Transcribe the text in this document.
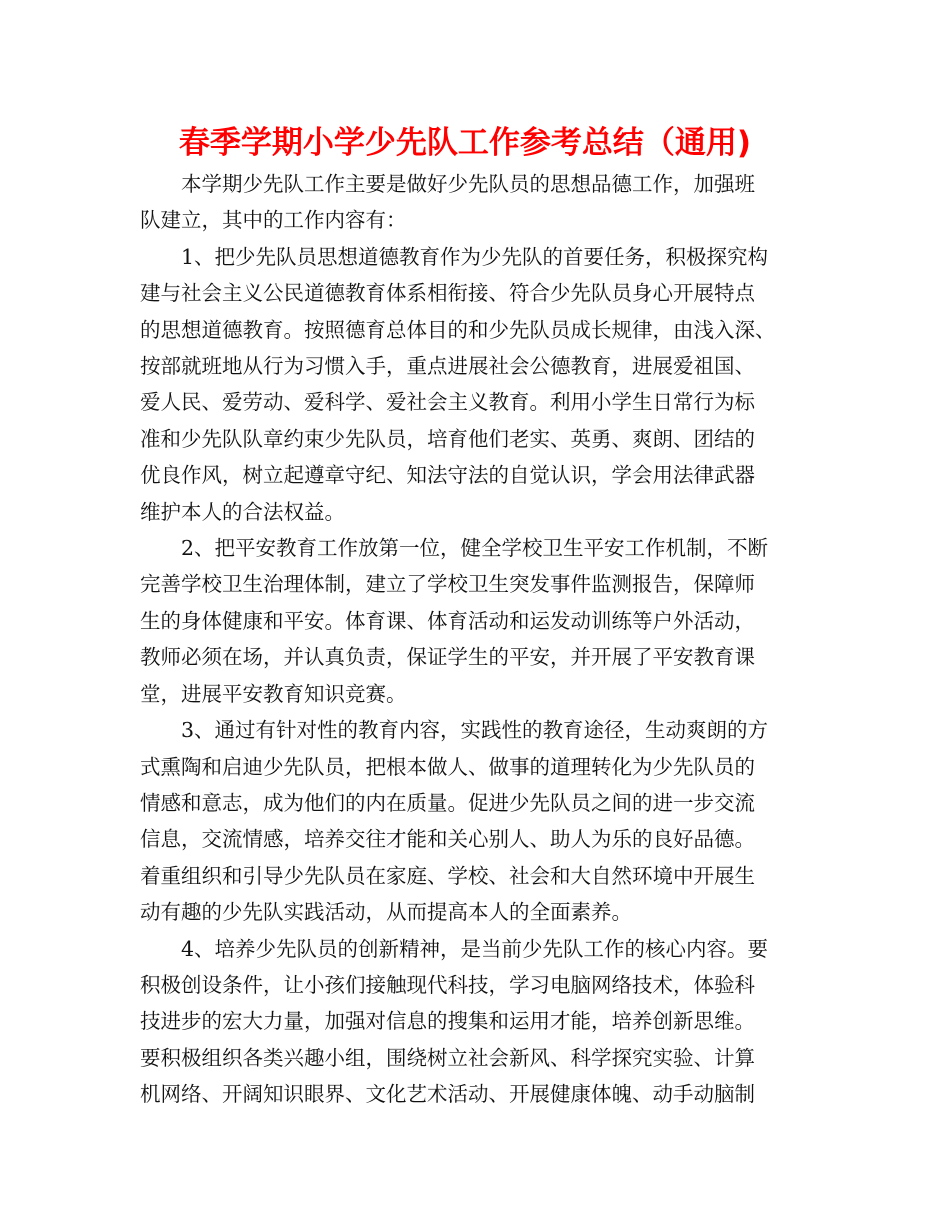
春季学期小学少先队工作参考总结（通用)

本学期少先队工作主要是做好少先队员的思想品德工作，加强班
队建立，其中的工作内容有：

1、把少先队员思想道德教育作为少先队的首要任务，积极探究构
建与社会主义公民道德教育体系相衔接、符合少先队员身心开展特点
的思想道德教育。按照德育总体目的和少先队员成长规律，由浅入深、
按部就班地从行为习惯入手，重点进展社会公德教育，进展爱祖国、
爱人民、爱劳动、爱科学、爱社会主义教育。利用小学生日常行为标
准和少先队队章约束少先队员，培育他们老实、英勇、爽朗、团结的
优良作风，树立起遵章守纪、知法守法的自觉认识，学会用法律武器
维护本人的合法权益。

2、把平安教育工作放第一位，健全学校卫生平安工作机制，不断
完善学校卫生治理体制，建立了学校卫生突发事件监测报告，保障师
生的身体健康和平安。体育课、体育活动和运发动训练等户外活动，
教师必须在场，并认真负责，保证学生的平安，并开展了平安教育课
堂，进展平安教育知识竞赛。

3、通过有针对性的教育内容，实践性的教育途径，生动爽朗的方
式熏陶和启迪少先队员，把根本做人、做事的道理转化为少先队员的
情感和意志，成为他们的内在质量。促进少先队员之间的进一步交流
信息，交流情感，培养交往才能和关心别人、助人为乐的良好品德。
着重组织和引导少先队员在家庭、学校、社会和大自然环境中开展生
动有趣的少先队实践活动，从而提高本人的全面素养。

4、培养少先队员的创新精神，是当前少先队工作的核心内容。要
积极创设条件，让小孩们接触现代科技，学习电脑网络技术，体验科
技进步的宏大力量，加强对信息的搜集和运用才能，培养创新思维。
要积极组织各类兴趣小组，围绕树立社会新风、科学探究实验、计算
机网络、开阔知识眼界、文化艺术活动、开展健康体魄、动手动脑制
